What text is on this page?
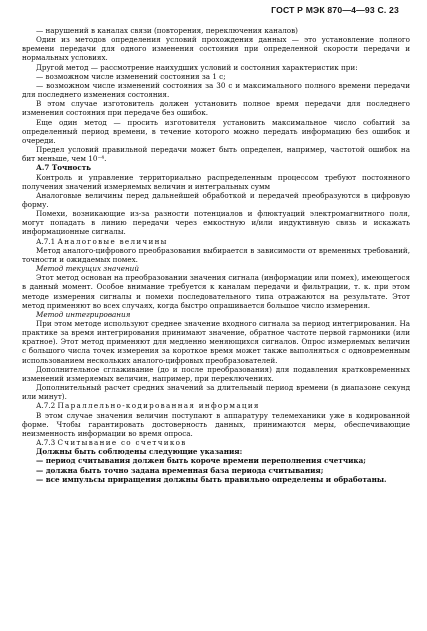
ГОСТ Р МЭК 870—4—93 С. 23

— нарушений в каналах связи (повторения, переключения каналов)

Один из методов определения условий прохождения данных — это установление полного времени передачи для одного изменения состояния при определенной скорости передачи и нормальных условиях.

Другой метод — рассмотрение наихудших условий и состояния характеристик при:

— возможном числе изменений состояния за 1 с;

— возможном числе изменений состояния за 30 с и максимального полного времени передачи для последнего изменения состояния.

В этом случае изготовитель должен установить полное время передачи для последнего изменения состояния при передаче без ошибок.

Еще один метод — просить изготовителя установить максимальное число событий за определенный период времени, в течение которого можно передать информацию без ошибок и очереди.

Предел условий правильной передачи может быть определен, например, частотой ошибок на бит меньше, чем 10⁻⁴.

А.7 Точность

Контроль и управление территориально распределенным процессом требуют постоянного получения значений измеряемых величин и интегральных сумм

Аналоговые величины перед дальнейшей обработкой и передачей преобразуются в цифровую форму.

Помехи, возникающие из-за разности потенциалов и флюктуаций электромагнитного поля, могут попадать в линию передачи через емкостную и/или индуктивную связь и искажать информационные сигналы.

А.7.1 Аналоговые величины

Метод аналого-цифрового преобразования выбирается в зависимости от временных требований, точности и ожидаемых помех.

Метод текущих значений

Этот метод основан на преобразовании значения сигнала (информации или помех), имеющегося в данный момент. Особое внимание требуется к каналам передачи и фильтрации, т. к. при этом методе измерения сигналы и помехи последовательного типа отражаются на результате. Этот метод применяют во всех случаях, когда быстро опрашивается большое число измерения.

Метод интегрирования

При этом методе используют среднее значение входного сигнала за период интегрирования. На практике за время интегрирования принимают значение, обратное частоте первой гармоники (или кратное). Этот метод применяют для медленно меняющихся сигналов. Опрос измеряемых величин с большого числа точек измерения за короткое время может также выполняться с одновременным использованием нескольких аналого-цифровых преобразователей.

Дополнительное сглаживание (до и после преобразования) для подавления кратковременных изменений измеряемых величин, например, при переключениях.

Дополнительный расчет средних значений за длительный период времени (в диапазоне секунд или минут).

А.7.2 Параллельно-кодированная информация

В этом случае значения величин поступают в аппаратуру телемеханики уже в кодированной форме. Чтобы гарантировать достоверность данных, принимаются меры, обеспечивающие неизменность информации во время опроса.

А.7.3 Считывание со счетчиков

Должны быть соблюдены следующие указания:

— период считывания должен быть короче времени переполнения счетчика;

— должна быть точно задана временная база периода считывания;

— все импульсы приращения должны быть правильно определены и обработаны.
